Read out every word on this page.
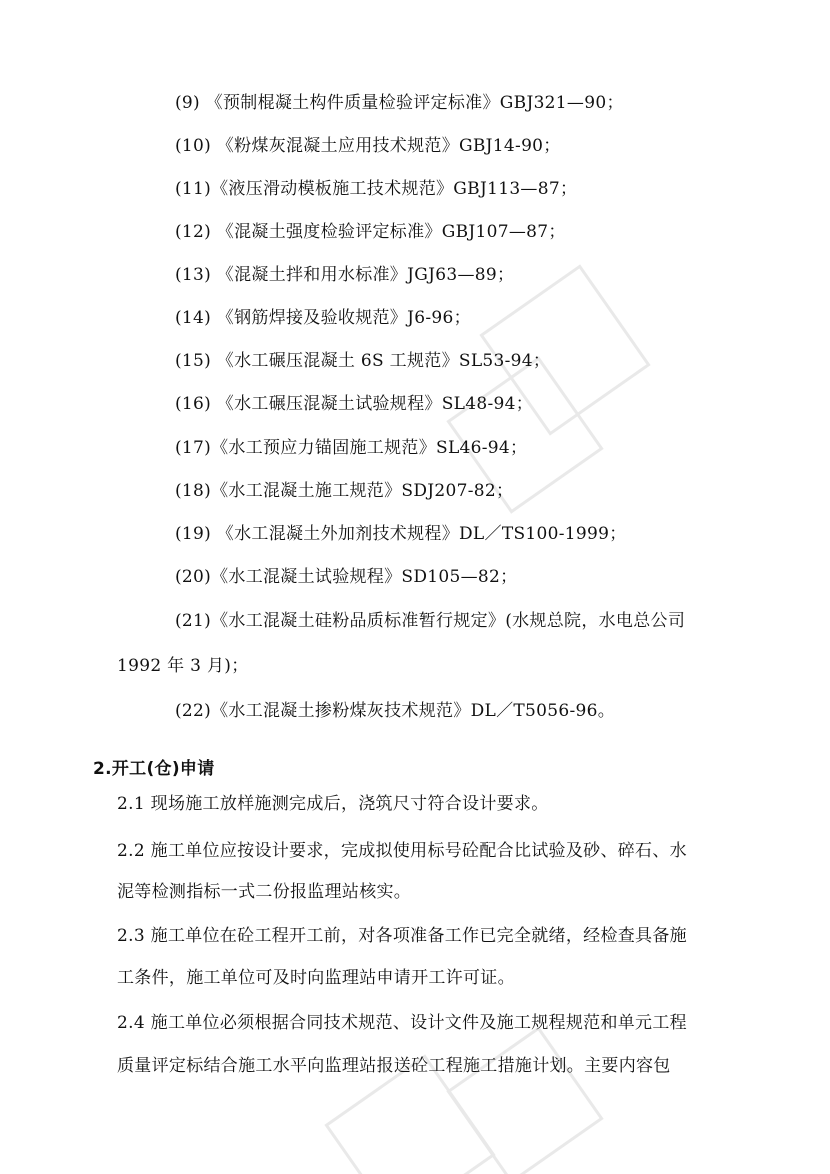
(9) 《预制棍凝土构件质量检验评定标准》GBJ321—90；
(10) 《粉煤灰混凝土应用技术规范》GBJ14-90；
(11)《液压滑动模板施工技术规范》GBJ113—87；
(12) 《混凝土强度检验评定标准》GBJ107—87；
(13) 《混凝土拌和用水标准》JGJ63—89；
(14) 《钢筋焊接及验收规范》J6-96；
(15) 《水工碾压混凝土 6S 工规范》SL53-94；
(16) 《水工碾压混凝土试验规程》SL48-94；
(17)《水工预应力锚固施工规范》SL46-94；
(18)《水工混凝土施工规范》SDJ207-82；
(19) 《水工混凝土外加剂技术规程》DL／TS100-1999；
(20)《水工混凝土试验规程》SD105—82；
(21)《水工混凝土硅粉品质标准暂行规定》(水规总院，水电总公司
1992 年 3 月)；
(22)《水工混凝土掺粉煤灰技术规范》DL／T5056-96。
2.开工(仓)申请
2.1 现场施工放样施测完成后，浇筑尺寸符合设计要求。
2.2 施工单位应按设计要求，完成拟使用标号砼配合比试验及砂、碎石、水
泥等检测指标一式二份报监理站核实。
2.3 施工单位在砼工程开工前，对各项准备工作已完全就绪，经检查具备施
工条件，施工单位可及时向监理站申请开工许可证。
2.4 施工单位必须根据合同技术规范、设计文件及施工规程规范和单元工程
质量评定标结合施工水平向监理站报送砼工程施工措施计划。主要内容包
